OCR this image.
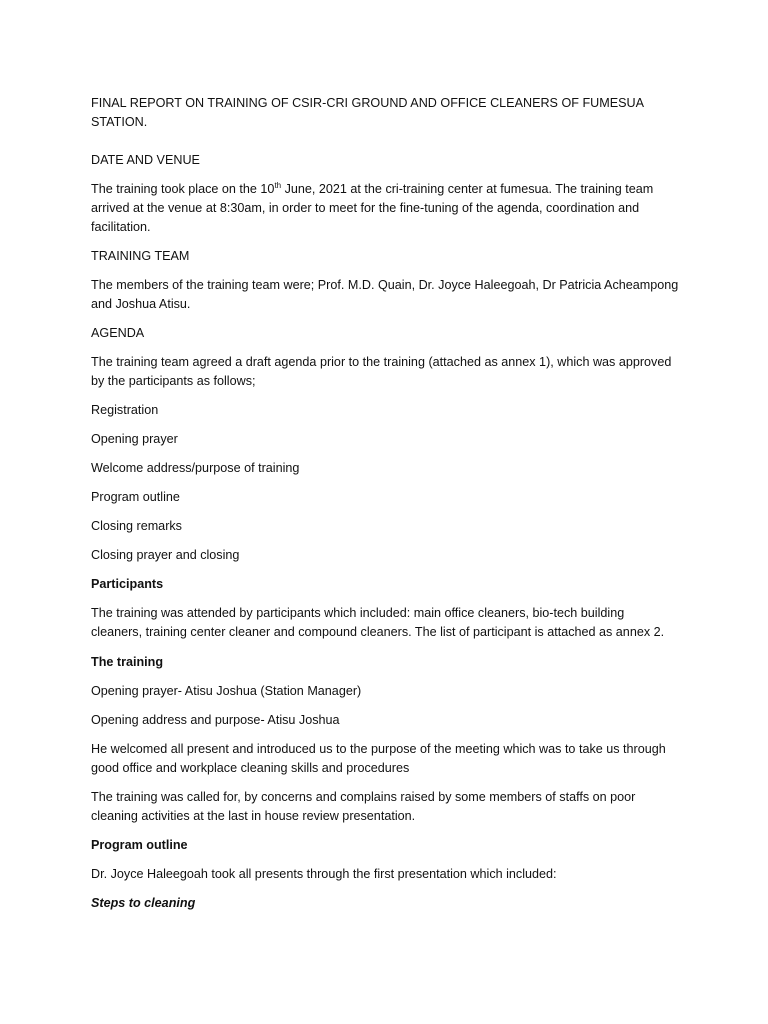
FINAL REPORT ON TRAINING OF CSIR-CRI GROUND AND OFFICE CLEANERS OF FUMESUA STATION.

DATE AND VENUE

The training took place on the 10th June, 2021 at the cri-training center at fumesua. The training team
arrived at the venue at 8:30am, in order to meet for the fine-tuning of the agenda, coordination and
facilitation.

TRAINING TEAM

The members of the training team were; Prof. M.D. Quain, Dr. Joyce Haleegoah, Dr Patricia Acheampong
and Joshua Atisu.

AGENDA

The training team agreed a draft agenda prior to the training (attached as annex 1), which was approved
by the participants as follows;

Registration

Opening prayer

Welcome address/purpose of training

Program outline

Closing remarks

Closing prayer and closing

Participants

The training was attended by participants which included: main office cleaners, bio-tech building
cleaners, training center cleaner and compound cleaners. The list of participant is attached as annex 2.

The training

Opening prayer- Atisu Joshua (Station Manager)

Opening address and purpose- Atisu Joshua

He welcomed all present and introduced us to the purpose of the meeting which was to take us through
good office and workplace cleaning skills and procedures
The training was called for, by concerns and complains raised by some members of staffs on poor
cleaning activities at the last in house review presentation.

Program outline

Dr. Joyce Haleegoah took all presents through the first presentation which included:

Steps to cleaning
